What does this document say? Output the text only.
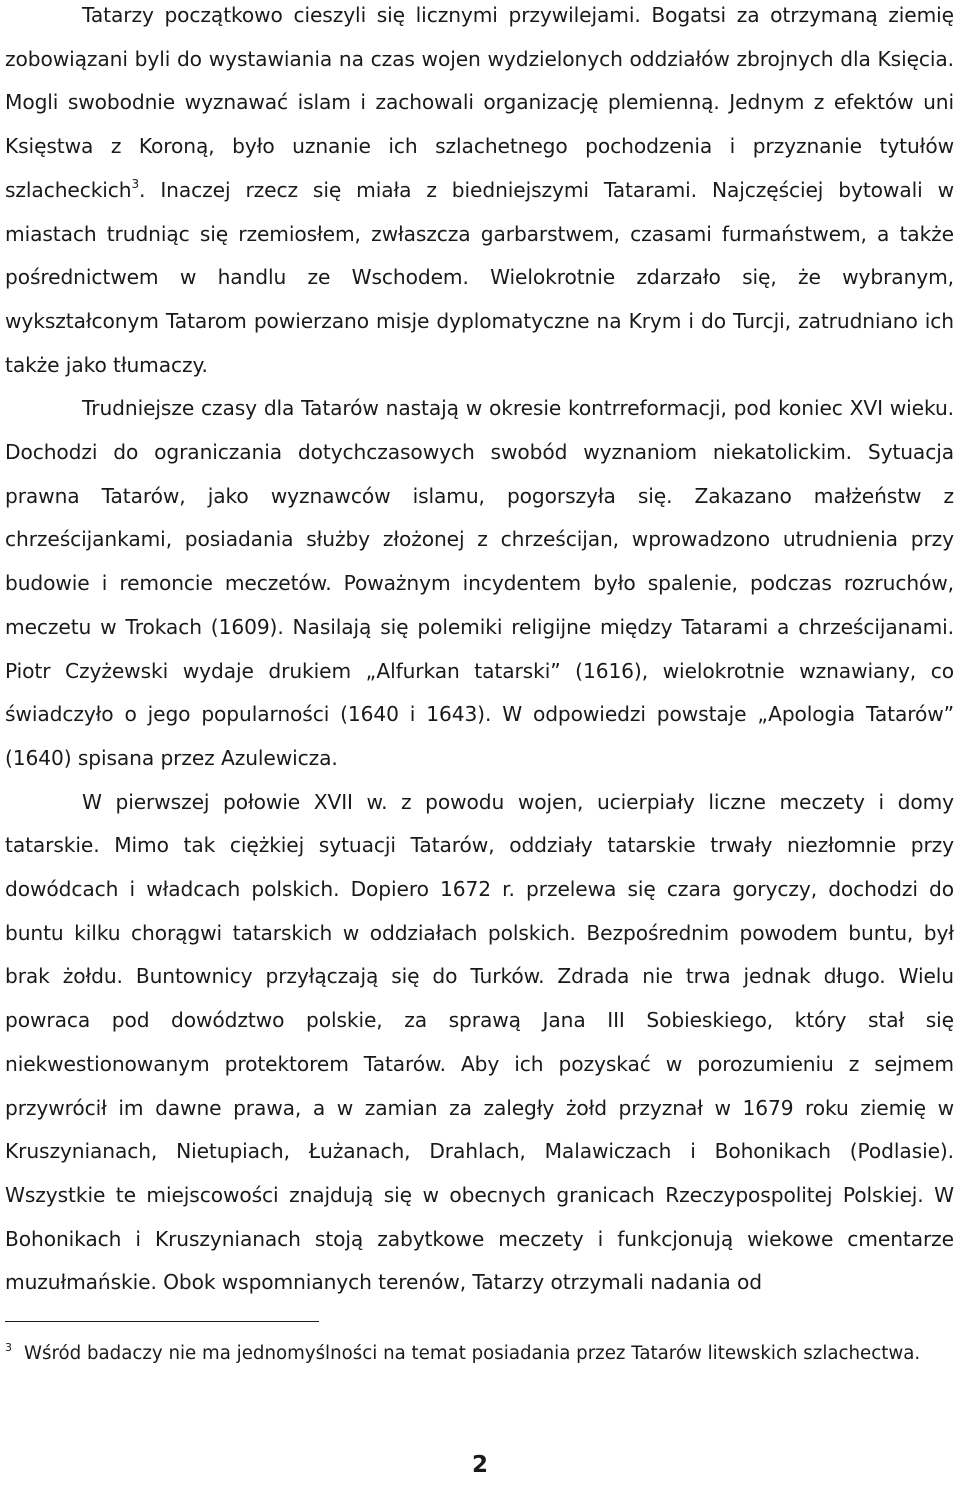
Tatarzy początkowo cieszyli się licznymi przywilejami. Bogatsi za otrzymaną ziemię zobowiązani byli do wystawiania na czas wojen wydzielonych oddziałów zbrojnych dla Księcia. Mogli swobodnie wyznawać islam i zachowali organizację plemienną. Jednym z efektów uni Księstwa z Koroną, było uznanie ich szlachetnego pochodzenia i przyznanie tytułów szlacheckich$^3$. Inaczej rzecz się miała z biedniejszymi Tatarami. Najczęściej bytowali w miastach trudniąc się rzemiosłem, zwłaszcza garbarstwem, czasami furmaństwem, a także pośrednictwem w handlu ze Wschodem. Wielokrotnie zdarzało się, że wybranym, wykształconym Tatarom powierzano misje dyplomatyczne na Krym i do Turcji, zatrudniano ich także jako tłumaczy.

Trudniejsze czasy dla Tatarów nastają w okresie kontrreformacji, pod koniec XVI wieku. Dochodzi do ograniczania dotychczasowych swobód wyznaniom niekatolickim. Sytuacja prawna Tatarów, jako wyznawców islamu, pogorszyła się. Zakazano małżeństw z chrześcijankami, posiadania służby złożonej z chrześcijan, wprowadzono utrudnienia przy budowie i remoncie meczetów. Poważnym incydentem było spalenie, podczas rozruchów, meczetu w Trokach (1609). Nasilają się polemiki religijne między Tatarami a chrześcijanami. Piotr Czyżewski wydaje drukiem „Alfurkan tatarski” (1616), wielokrotnie wznawiany, co świadczyło o jego popularności (1640 i 1643). W odpowiedzi powstaje „Apologia Tatarów” (1640) spisana przez Azulewicza.

W pierwszej połowie XVII w. z powodu wojen, ucierpiały liczne meczety i domy tatarskie. Mimo tak ciężkiej sytuacji Tatarów, oddziały tatarskie trwały niezłomnie przy dowódcach i władcach polskich. Dopiero 1672 r. przelewa się czara goryczy, dochodzi do buntu kilku chorągwi tatarskich w oddziałach polskich. Bezpośrednim powodem buntu, był brak żołdu. Buntownicy przyłączają się do Turków. Zdrada nie trwa jednak długo. Wielu powraca pod dowództwo polskie, za sprawą Jana III Sobieskiego, który stał się niekwestionowanym protektorem Tatarów. Aby ich pozyskać w porozumieniu z sejmem przywrócił im dawne prawa, a w zamian za zaległy żołd przyznał w 1679 roku ziemię w Kruszynianach, Nietupiach, Łużanach, Drahlach, Malawiczach i Bohonikach (Podlasie). Wszystkie te miejscowości znajdują się w obecnych granicach Rzeczypospolitej Polskiej. W Bohonikach i Kruszynianach stoją zabytkowe meczety i funkcjonują wiekowe cmentarze muzułmańskie. Obok wspomnianych terenów, Tatarzy otrzymali nadania od

$^3$ Wśród badaczy nie ma jednomyślności na temat posiadania przez Tatarów litewskich szlachectwa.

2
